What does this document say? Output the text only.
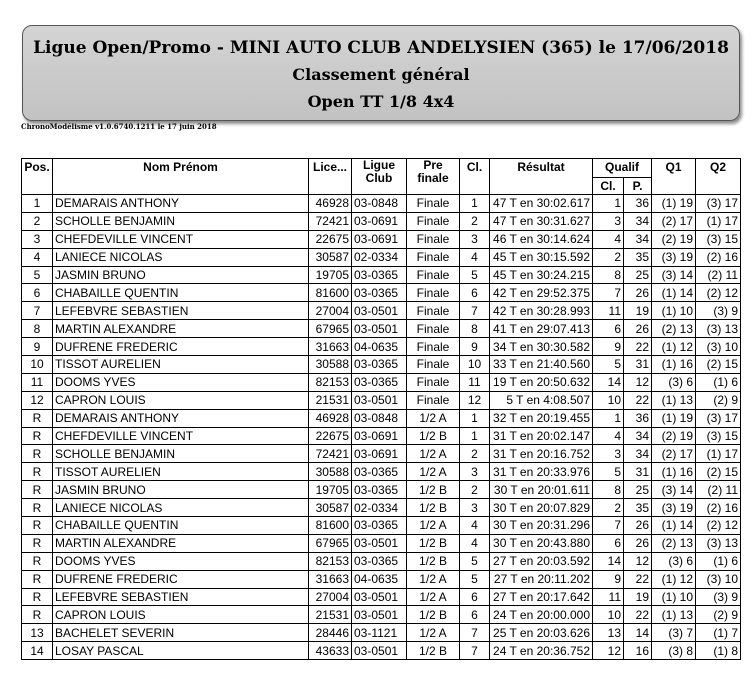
Ligue Open/Promo - MINI AUTO CLUB ANDELYSIEN (365) le 17/06/2018
Classement général
Open TT 1/8 4x4
ChronoModélisme v1.0.6740.1211 le 17 juin 2018
Pos.	Nom Prénom	Lice...	Ligue Club	Pre finale	Cl.	Résultat	Qualif		Q1	Q2
							Cl.	P.		
1	DEMARAIS ANTHONY	46928	03-0848	Finale	1	47 T en 30:02.617	1	36	(1) 19	(3) 17
2	SCHOLLE BENJAMIN	72421	03-0691	Finale	2	47 T en 30:31.627	3	34	(2) 17	(1) 17
3	CHEFDEVILLE VINCENT	22675	03-0691	Finale	3	46 T en 30:14.624	4	34	(2) 19	(3) 15
4	LANIECE NICOLAS	30587	02-0334	Finale	4	45 T en 30:15.592	2	35	(3) 19	(2) 16
5	JASMIN BRUNO	19705	03-0365	Finale	5	45 T en 30:24.215	8	25	(3) 14	(2) 11
6	CHABAILLE QUENTIN	81600	03-0365	Finale	6	42 T en 29:52.375	7	26	(1) 14	(2) 12
7	LEFEBVRE SEBASTIEN	27004	03-0501	Finale	7	42 T en 30:28.993	11	19	(1) 10	(3) 9
8	MARTIN ALEXANDRE	67965	03-0501	Finale	8	41 T en 29:07.413	6	26	(2) 13	(3) 13
9	DUFRENE FREDERIC	31663	04-0635	Finale	9	34 T en 30:30.582	9	22	(1) 12	(3) 10
10	TISSOT AURELIEN	30588	03-0365	Finale	10	33 T en 21:40.560	5	31	(1) 16	(2) 15
11	DOOMS YVES	82153	03-0365	Finale	11	19 T en 20:50.632	14	12	(3) 6	(1) 6
12	CAPRON LOUIS	21531	03-0501	Finale	12	5 T en 4:08.507	10	22	(1) 13	(2) 9
R	DEMARAIS ANTHONY	46928	03-0848	1/2 A	1	32 T en 20:19.455	1	36	(1) 19	(3) 17
R	CHEFDEVILLE VINCENT	22675	03-0691	1/2 B	1	31 T en 20:02.147	4	34	(2) 19	(3) 15
R	SCHOLLE BENJAMIN	72421	03-0691	1/2 A	2	31 T en 20:16.752	3	34	(2) 17	(1) 17
R	TISSOT AURELIEN	30588	03-0365	1/2 A	3	31 T en 20:33.976	5	31	(1) 16	(2) 15
R	JASMIN BRUNO	19705	03-0365	1/2 B	2	30 T en 20:01.611	8	25	(3) 14	(2) 11
R	LANIECE NICOLAS	30587	02-0334	1/2 B	3	30 T en 20:07.829	2	35	(3) 19	(2) 16
R	CHABAILLE QUENTIN	81600	03-0365	1/2 A	4	30 T en 20:31.296	7	26	(1) 14	(2) 12
R	MARTIN ALEXANDRE	67965	03-0501	1/2 B	4	30 T en 20:43.880	6	26	(2) 13	(3) 13
R	DOOMS YVES	82153	03-0365	1/2 B	5	27 T en 20:03.592	14	12	(3) 6	(1) 6
R	DUFRENE FREDERIC	31663	04-0635	1/2 A	5	27 T en 20:11.202	9	22	(1) 12	(3) 10
R	LEFEBVRE SEBASTIEN	27004	03-0501	1/2 A	6	27 T en 20:17.642	11	19	(1) 10	(3) 9
R	CAPRON LOUIS	21531	03-0501	1/2 B	6	24 T en 20:00.000	10	22	(1) 13	(2) 9
13	BACHELET SEVERIN	28446	03-1121	1/2 A	7	25 T en 20:03.626	13	14	(3) 7	(1) 7
14	LOSAY PASCAL	43633	03-0501	1/2 B	7	24 T en 20:36.752	12	16	(3) 8	(1) 8
